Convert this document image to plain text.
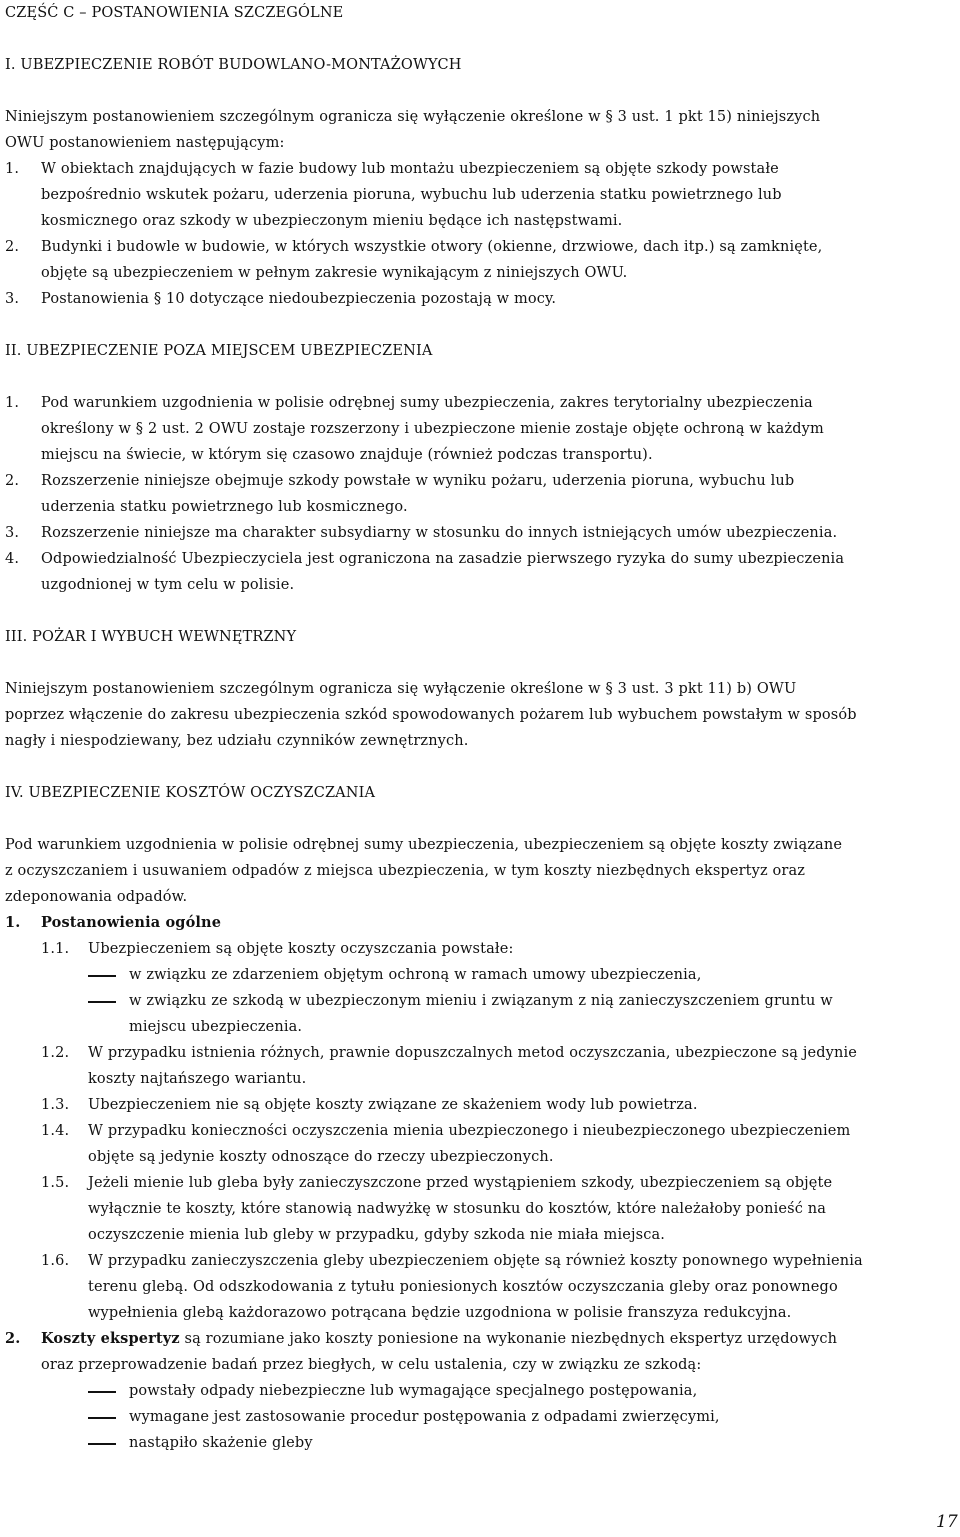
CZĘŚĆ C – POSTANOWIENIA SZCZEGÓLNE
I. UBEZPIECZENIE ROBÓT BUDOWLANO-MONTAŻOWYCH
Niniejszym postanowieniem szczególnym ogranicza się wyłączenie określone w § 3 ust. 1 pkt 15) niniejszych
OWU postanowieniem następującym:
1. W obiektach znajdujących w fazie budowy lub montażu ubezpieczeniem są objęte szkody powstałe
bezpośrednio wskutek pożaru, uderzenia pioruna, wybuchu lub uderzenia statku powietrznego lub
kosmicznego oraz szkody w ubezpieczonym mieniu będące ich następstwami.
2. Budynki i budowle w budowie, w których wszystkie otwory (okienne, drzwiowe, dach itp.) są zamknięte,
objęte są ubezpieczeniem w pełnym zakresie wynikającym z niniejszych OWU.
3. Postanowienia § 10 dotyczące niedoubezpieczenia pozostają w mocy.
II. UBEZPIECZENIE POZA MIEJSCEM UBEZPIECZENIA
1. Pod warunkiem uzgodnienia w polisie odrębnej sumy ubezpieczenia, zakres terytorialny ubezpieczenia
określony w § 2 ust. 2 OWU zostaje rozszerzony i ubezpieczone mienie zostaje objęte ochroną w każdym
miejscu na świecie, w którym się czasowo znajduje (również podczas transportu).
2. Rozszerzenie niniejsze obejmuje szkody powstałe w wyniku pożaru, uderzenia pioruna, wybuchu lub
uderzenia statku powietrznego lub kosmicznego.
3. Rozszerzenie niniejsze ma charakter subsydiarny w stosunku do innych istniejących umów ubezpieczenia.
4. Odpowiedzialność Ubezpieczyciela jest ograniczona na zasadzie pierwszego ryzyka do sumy ubezpieczenia
uzgodnionej w tym celu w polisie.
III. POŻAR I WYBUCH WEWNĘTRZNY
Niniejszym postanowieniem szczególnym ogranicza się wyłączenie określone w § 3 ust. 3 pkt 11) b) OWU
poprzez włączenie do zakresu ubezpieczenia szkód spowodowanych pożarem lub wybuchem powstałym w sposób
nagły i niespodziewany, bez udziału czynników zewnętrznych.
IV. UBEZPIECZENIE KOSZTÓW OCZYSZCZANIA
Pod warunkiem uzgodnienia w polisie odrębnej sumy ubezpieczenia, ubezpieczeniem są objęte koszty związane
z oczyszczaniem i usuwaniem odpadów z miejsca ubezpieczenia, w tym koszty niezbędnych ekspertyz oraz
zdeponowania odpadów.
1. Postanowienia ogólne
1.1. Ubezpieczeniem są objęte koszty oczyszczania powstałe:
w związku ze zdarzeniem objętym ochroną w ramach umowy ubezpieczenia,
w związku ze szkodą w ubezpieczonym mieniu i związanym z nią zanieczyszczeniem gruntu w
miejscu ubezpieczenia.
1.2. W przypadku istnienia różnych, prawnie dopuszczalnych metod oczyszczania, ubezpieczone są jedynie
koszty najtańszego wariantu.
1.3. Ubezpieczeniem nie są objęte koszty związane ze skażeniem wody lub powietrza.
1.4. W przypadku konieczności oczyszczenia mienia ubezpieczonego i nieubezpieczonego ubezpieczeniem
objęte są jedynie koszty odnoszące do rzeczy ubezpieczonych.
1.5. Jeżeli mienie lub gleba były zanieczyszczone przed wystąpieniem szkody, ubezpieczeniem są objęte
wyłącznie te koszty, które stanowią nadwyżkę w stosunku do kosztów, które należałoby ponieść na
oczyszczenie mienia lub gleby w przypadku, gdyby szkoda nie miała miejsca.
1.6. W przypadku zanieczyszczenia gleby ubezpieczeniem objęte są również koszty ponownego wypełnienia
terenu glebą. Od odszkodowania z tytułu poniesionych kosztów oczyszczania gleby oraz ponownego
wypełnienia glebą każdorazowo potrącana będzie uzgodniona w polisie franszyza redukcyjna.
2. Koszty ekspertyz są rozumiane jako koszty poniesione na wykonanie niezbędnych ekspertyz urzędowych
oraz przeprowadzenie badań przez biegłych, w celu ustalenia, czy w związku ze szkodą:
powstały odpady niebezpieczne lub wymagające specjalnego postępowania,
wymagane jest zastosowanie procedur postępowania z odpadami zwierzęcymi,
nastąpiło skażenie gleby
17
